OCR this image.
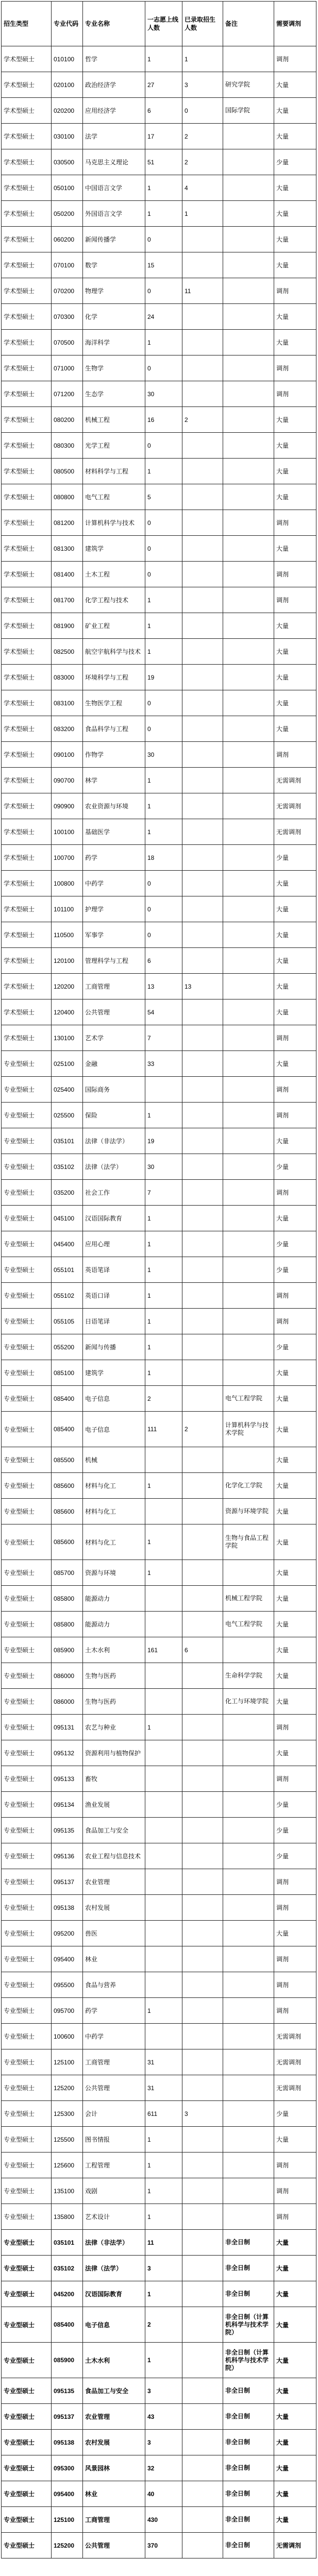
招生类型	专业代码	专业名称	一志愿上线人数	已录取招生人数	备注	需要调剂
学术型硕士	010100	哲学	1	1		调剂
学术型硕士	020100	政治经济学	27	3	研究学院	大量
学术型硕士	020200	应用经济学	6	0	国际学院	大量
学术型硕士	030100	法学	17	2		大量
学术型硕士	030500	马克思主义理论	51	2		少量
学术型硕士	050100	中国语言文学	1	4		大量
学术型硕士	050200	外国语言文学	1	1		大量
学术型硕士	060200	新闻传播学	0			大量
学术型硕士	070100	数学	15			大量
学术型硕士	070200	物理学	0	11		调剂
学术型硕士	070300	化学	24			大量
学术型硕士	070500	海洋科学	1			大量
学术型硕士	071000	生物学	0			调剂
学术型硕士	071200	生态学	30			调剂
学术型硕士	080200	机械工程	16	2		大量
学术型硕士	080300	光学工程	0			大量
学术型硕士	080500	材料科学与工程	1			大量
学术型硕士	080800	电气工程	5			大量
学术型硕士	081200	计算机科学与技术	0			调剂
学术型硕士	081300	建筑学	0			大量
学术型硕士	081400	土木工程	0			调剂
学术型硕士	081700	化学工程与技术	1			调剂
学术型硕士	081900	矿业工程	1			大量
学术型硕士	082500	航空宇航科学与技术	1			大量
学术型硕士	083000	环境科学与工程	19			大量
学术型硕士	083100	生物医学工程	0			大量
学术型硕士	083200	食品科学与工程	0			大量
学术型硕士	090100	作物学	30			调剂
学术型硕士	090700	林学	1			无需调剂
学术型硕士	090900	农业资源与环境	1			无需调剂
学术型硕士	100100	基础医学	1			无需调剂
学术型硕士	100700	药学	18			少量
学术型硕士	100800	中药学	0			大量
学术型硕士	101100	护理学	0			大量
学术型硕士	110500	军事学	0			大量
学术型硕士	120100	管理科学与工程	6			大量
学术型硕士	120200	工商管理	13	13		大量
学术型硕士	120400	公共管理	54			大量
学术型硕士	130100	艺术学	7			调剂
专业型硕士	025100	金融	33			大量
专业型硕士	025400	国际商务				调剂
专业型硕士	025500	保险	1			调剂
专业型硕士	035101	法律（非法学）	19			大量
专业型硕士	035102	法律（法学）	30			少量
专业型硕士	035200	社会工作	7			调剂
专业型硕士	045100	汉语国际教育	1			大量
专业型硕士	045400	应用心理	1			少量
专业型硕士	055101	英语笔译	1			少量
专业型硕士	055102	英语口译	1			调剂
专业型硕士	055105	日语笔译	1			调剂
专业型硕士	055200	新闻与传播	1			少量
专业型硕士	085100	建筑学	1			大量
专业型硕士	085400	电子信息	2		电气工程学院	大量
专业型硕士	085400	电子信息	111	2	计算机科学与技术学院	大量
专业型硕士	085500	机械				大量
专业型硕士	085600	材料与化工	1		化学化工学院	大量
专业型硕士	085600	材料与化工			资源与环境学院	大量
专业型硕士	085600	材料与化工	1		生物与食品工程学院	大量
专业型硕士	085700	资源与环境	1			大量
专业型硕士	085800	能源动力			机械工程学院	大量
专业型硕士	085800	能源动力			电气工程学院	大量
专业型硕士	085900	土木水利	161	6		大量
专业型硕士	086000	生物与医药			生命科学学院	大量
专业型硕士	086000	生物与医药			化工与环境学院	大量
专业型硕士	095131	农艺与种业	1			调剂
专业型硕士	095132	资源利用与植物保护				大量
专业型硕士	095133	畜牧				调剂
专业型硕士	095134	渔业发展				少量
专业型硕士	095135	食品加工与安全				少量
专业型硕士	095136	农业工程与信息技术				少量
专业型硕士	095137	农业管理				调剂
专业型硕士	095138	农村发展				调剂
专业型硕士	095200	兽医				大量
专业型硕士	095400	林业				调剂
专业型硕士	095500	食品与营养				调剂
专业型硕士	095700	药学	1			调剂
专业型硕士	100600	中药学				无需调剂
专业型硕士	125100	工商管理	31			无需调剂
专业型硕士	125200	公共管理	31			无需调剂
专业型硕士	125300	会计	611	3		少量
专业型硕士	125500	图书情报	1			大量
专业型硕士	125600	工程管理	1			调剂
专业型硕士	135100	戏剧	1			调剂
专业型硕士	135800	艺术设计	1			调剂
专业型硕士	035101	法律（非法学）	11		非全日制	大量
专业型硕士	035102	法律（法学）	3		非全日制	大量
专业型硕士	045200	汉语国际教育	1		非全日制	大量
专业型硕士	085400	电子信息	2		非全日制（计算机科学与技术学院）	大量
专业型硕士	085900	土木水利	1		非全日制（计算机科学与技术学院）	大量
专业型硕士	095135	食品加工与安全	3		非全日制	大量
专业型硕士	095137	农业管理	43		非全日制	大量
专业型硕士	095138	农村发展	3		非全日制	大量
专业型硕士	095300	风景园林	32		非全日制	大量
专业型硕士	095400	林业	40		非全日制	大量
专业型硕士	125100	工商管理	430		非全日制	大量
专业型硕士	125200	公共管理	370		非全日制	无需调剂
